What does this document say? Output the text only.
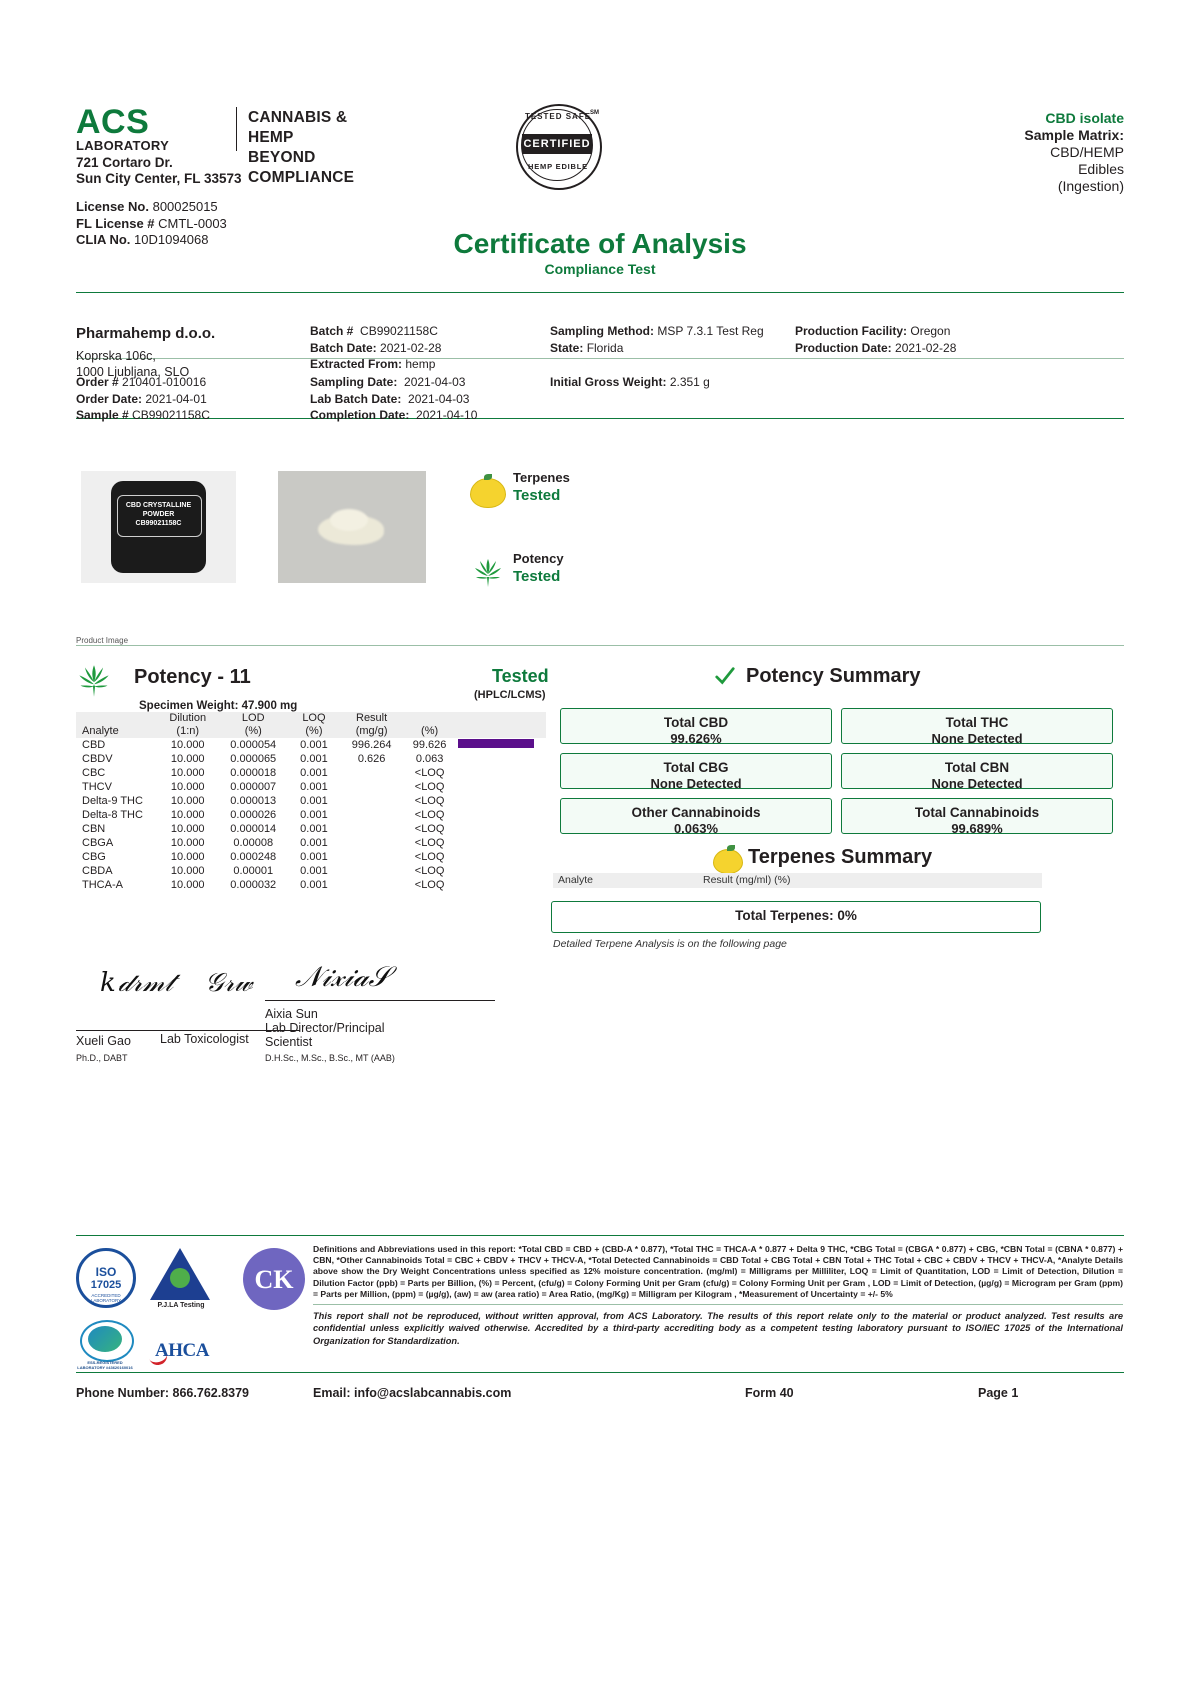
ACS
LABORATORY
CANNABIS & HEMP
BEYOND COMPLIANCE
721 Cortaro Dr.
Sun City Center, FL 33573
License No. 800025015
FL License # CMTL-0003
CLIA No. 10D1094068
TESTED SAFE
CERTIFIED
HEMP EDIBLE
SM	CBD isolate
Sample Matrix:
CBD/HEMP
Edibles
(Ingestion)
Certificate of Analysis
Compliance Test
Pharmahemp d.o.o.
Koprska 106c,
1000 Ljubljana, SLO
Batch # CB99021158C
Batch Date: 2021-02-28
Extracted From: hemp
Sampling Method: MSP 7.3.1 Test Reg
State: Florida
Production Facility: Oregon
Production Date: 2021-02-28
Order # 210401-010016
Order Date: 2021-04-01
Sample # CB99021158C
Sampling Date: 2021-04-03
Lab Batch Date: 2021-04-03
Completion Date: 2021-04-10
Initial Gross Weight: 2.351 g
CBD CRYSTALLINE POWDER CB99021158C
Product Image
Terpenes
Tested
Potency
Tested
Potency - 11	Tested
(HPLC/LCMS)
Specimen Weight: 47.900 mg
	Dilution	LOD	LOQ	Result		
Analyte	(1:n)	(%)	(%)	(mg/g)	(%)	
CBD	10.000	0.000054	0.001	996.264	99.626	
CBDV	10.000	0.000065	0.001	0.626	0.063	
CBC	10.000	0.000018	0.001		<LOQ	
THCV	10.000	0.000007	0.001		<LOQ	
Delta-9 THC	10.000	0.000013	0.001		<LOQ	
Delta-8 THC	10.000	0.000026	0.001		<LOQ	
CBN	10.000	0.000014	0.001		<LOQ	
CBGA	10.000	0.00008	0.001		<LOQ	
CBG	10.000	0.000248	0.001		<LOQ	
CBDA	10.000	0.00001	0.001		<LOQ	
THCA-A	10.000	0.000032	0.001		<LOQ	
Potency Summary
Total CBD
99.626%
Total THC
None Detected
Total CBG
None Detected
Total CBN
None Detected
Other Cannabinoids
0.063%
Total Cannabinoids
99.689%
Terpenes Summary
Analyte	Result (mg/ml) (%)
Total Terpenes: 0%
Detailed Terpene Analysis is on the following page
𝑘 𝒹𝓇𝓂𝓉 𝒢𝓇𝓌 𝒩𝒾𝓍𝒾𝒶𝒮
Xueli Gao Lab Toxicologist
Ph.D., DABT
Aixia Sun
Lab Director/Principal
Scientist
D.H.Sc., M.Sc., B.Sc., MT (AAB)
ISO
17025
ACCREDITED LABORATORY
P.J.LA Testing
CK
ESS-REGISTERED LABORATORY #43620160016
AHCA
Definitions and Abbreviations used in this report: *Total CBD = CBD + (CBD-A * 0.877), *Total THC = THCA-A * 0.877 + Delta 9 THC, *CBG Total = (CBGA * 0.877) + CBG, *CBN Total = (CBNA * 0.877) + CBN, *Other Cannabinoids Total = CBC + CBDV + THCV + THCV-A, *Total Detected Cannabinoids = CBD Total + CBG Total + CBN Total + THC Total + CBC + CBDV + THCV + THCV-A, *Analyte Details above show the Dry Weight Concentrations unless specified as 12% moisture concentration. (mg/ml) = Milligrams per Milliliter, LOQ = Limit of Quantitation, LOD = Limit of Detection, Dilution = Dilution Factor (ppb) = Parts per Billion, (%) = Percent, (cfu/g) = Colony Forming Unit per Gram (cfu/g) = Colony Forming Unit per Gram , LOD = Limit of Detection, (µg/g) = Microgram per Gram (ppm) = Parts per Million, (ppm) = (µg/g), (aw) = aw (area ratio) = Area Ratio, (mg/Kg) = Milligram per Kilogram , *Measurement of Uncertainty = +/- 5%
This report shall not be reproduced, without written approval, from ACS Laboratory. The results of this report relate only to the material or product analyzed. Test results are confidential unless explicitly waived otherwise. Accredited by a third-party accrediting body as a competent testing laboratory pursuant to ISO/IEC 17025 of the International Organization for Standardization.
Phone Number: 866.762.8379	Email: info@acslabcannabis.com	Form 40	Page 1
